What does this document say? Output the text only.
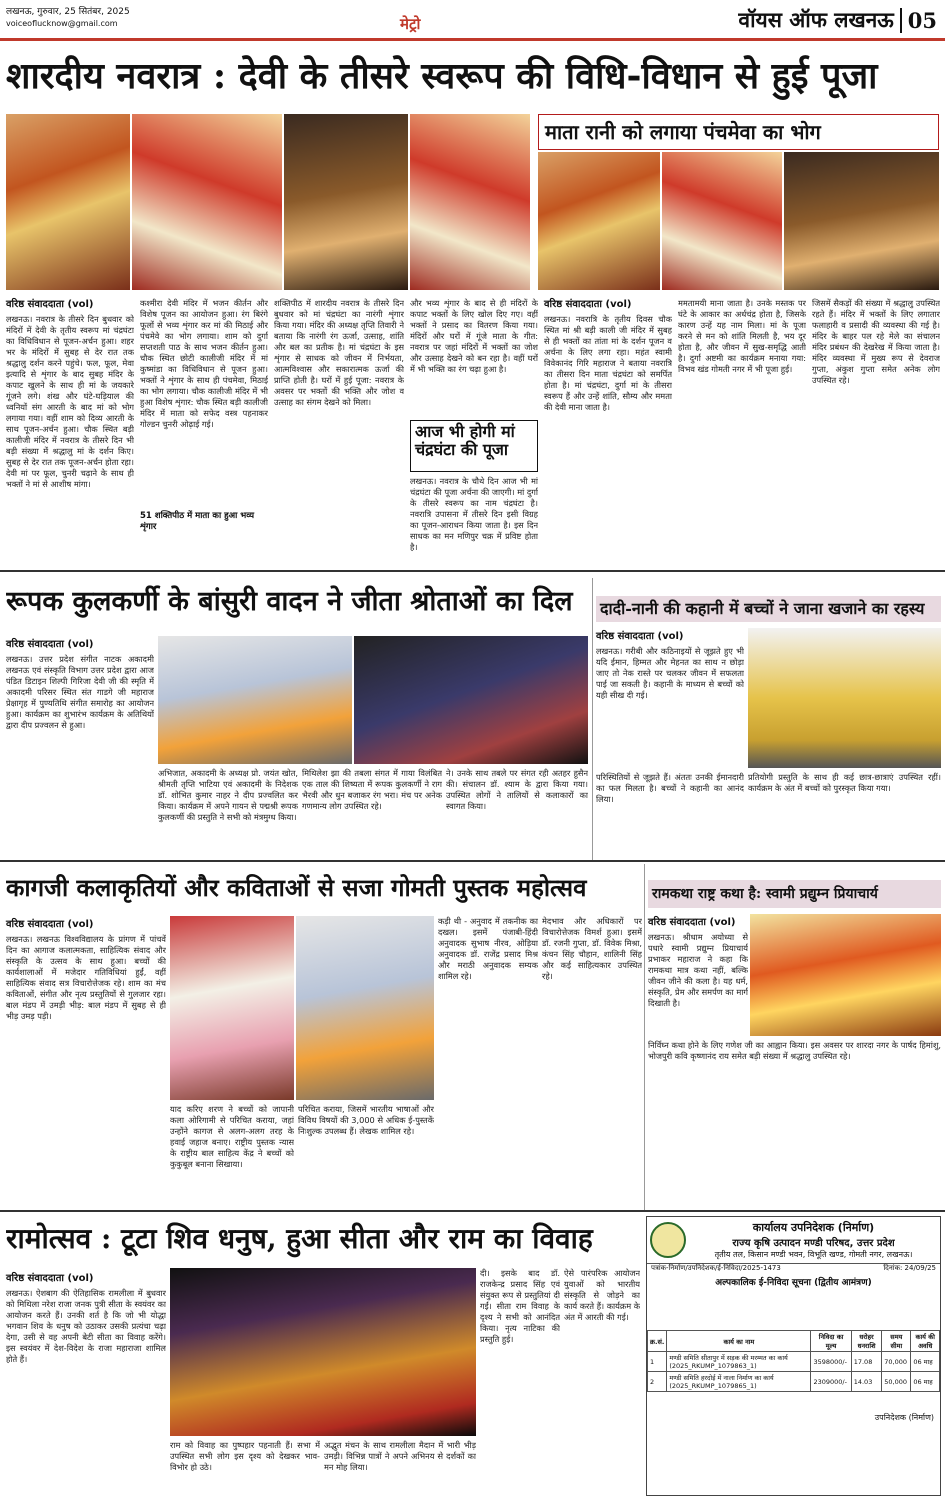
लखनऊ, गुरुवार, 25 सितंबर, 2025
voiceoflucknow@gmail.com	मेट्रो	वॉयस ऑफ लखनऊ 05
शारदीय नवरात्र : देवी के तीसरे स्वरूप की विधि-विधान से हुई पूजा
माता रानी को लगाया पंचमेवा का भोग
वरिष्ठ संवाददाता (vol)	वरिष्ठ संवाददाता (vol)
लखनऊ। नवरात्र के तीसरे दिन बुधवार को मंदिरों में देवी के तृतीय स्वरूप मां चंद्रघंटा का विधिविधान से पूजन-अर्चन हुआ। शहर भर के मंदिरों में सुबह से देर रात तक श्रद्धालु दर्शन करने पहुंचे। फल, फूल, मेवा इत्यादि से शृंगार के बाद सुबह मंदिर के कपाट खुलने के साथ ही मां के जयकारे गूंजने लगे। शंख और घंटे-घड़ियाल की ध्वनियों संग आरती के बाद मां को भोग लगाया गया। वहीं शाम को दिव्य आरती के साथ पूजन-अर्चन हुआ। चौक स्थित बड़ी कालीजी मंदिर में नवरात्र के तीसरे दिन भी बड़ी संख्या में श्रद्धालु मां के दर्शन किए। सुबह से देर रात तक पूजन-अर्चन होता रहा। देवी मां पर फूल, चुनरी चढ़ाने के साथ ही भक्तों ने मां से आशीष मांगा।
कश्मीरा देवी मंदिर में भजन कीर्तन और विशेष पूजन का आयोजन हुआ। रंग बिरंगे फूलों से भव्य शृंगार कर मां की मिठाई और पंचमेवे का भोग लगाया। शाम को दुर्गा सप्तशती पाठ के साथ भजन कीर्तन हुआ। चौक स्थित छोटी कालीजी मंदिर में मां कुष्मांडा का विधिविधान से पूजन हुआ। भक्तों ने शृंगार के साथ ही पंचमेवा, मिठाई का भोग लगाया। चौक कालीजी मंदिर में भी हुआ विशेष शृंगार: चौक स्थित बड़ी कालीजी मंदिर में माता को सफेद वस्त्र पहनाकर गोल्डन चुनरी ओढ़ाई गई।
51 शक्तिपीठ में माता का हुआ भव्य शृंगार
शक्तिपीठ में शारदीय नवरात्र के तीसरे दिन बुधवार को मां चंद्रघंटा का नारंगी शृंगार किया गया। मंदिर की अध्यक्ष तृप्ति तिवारी ने बताया कि नारंगी रंग ऊर्जा, उत्साह, शांति और बल का प्रतीक है। मां चंद्रघंटा के इस शृंगार से साधक को जीवन में निर्भयता, आत्मविश्वास और सकारात्मक ऊर्जा की प्राप्ति होती है। घरों में हुई पूजा: नवरात्र के अवसर पर भक्तों की भक्ति और जोश व उत्साह का संगम देखने को मिला।
और भव्य शृंगार के बाद से ही मंदिरों के कपाट भक्तों के लिए खोल दिए गए। वहीं भक्तों ने प्रसाद का वितरण किया गया। मंदिरों और घरों में गूंजे माता के गीत: नवरात्र पर जहां मंदिरों में भक्तों का जोश और उत्साह देखने को बन रहा है। वहीं घरों में भी भक्ति का रंग चढ़ा हुआ है।
आज भी होगी मां चंद्रघंटा की पूजा
लखनऊ। नवरात्र के चौथे दिन आज भी मां चंद्रघंटा की पूजा अर्चना की जाएगी। मां दुर्गा के तीसरे स्वरूप का नाम चंद्रघंटा है। नवरात्रि उपासना में तीसरे दिन इसी विग्रह का पूजन-आराधन किया जाता है। इस दिन साधक का मन मणिपुर चक्र में प्रविष्ट होता है।
लखनऊ। नवरात्रि के तृतीय दिवस चौक स्थित मां श्री बड़ी काली जी मंदिर में सुबह से ही भक्तों का तांता मां के दर्शन पूजन व अर्चना के लिए लगा रहा। महंत स्वामी विवेकानंद गिरि महाराज ने बताया नवरात्रि का तीसरा दिन माता चंद्रघंटा को समर्पित होता है। मां चंद्रघंटा, दुर्गा मां के तीसरा स्वरूप हैं और उन्हें शांति, सौम्य और ममता की देवी माना जाता है।
ममतामयी माना जाता है। उनके मस्तक पर घंटे के आकार का अर्धचंद्र होता है, जिसके कारण उन्हें यह नाम मिला। मां के पूजा करने से मन को शांति मिलती है, भय दूर होता है, और जीवन में सुख-समृद्धि आती है। दुर्गा अष्टमी का कार्यक्रम मनाया गया: विभव खंड गोमती नगर में भी पूजा हुई।
जिसमें सैकड़ों की संख्या में श्रद्धालु उपस्थित रहते हैं। मंदिर में भक्तों के लिए लगातार फलाहारी व प्रसादी की व्यवस्था की गई है। मंदिर के बाहर पल रहे मेले का संचालन मंदिर प्रबंधन की देखरेख में किया जाता है। मंदिर व्यवस्था में मुख्य रूप से देवराज गुप्ता, अंकुश गुप्ता समेत अनेक लोग उपस्थित रहे।
रूपक कुलकर्णी के बांसुरी वादन ने जीता श्रोताओं का दिल
वरिष्ठ संवाददाता (vol)
लखनऊ। उत्तर प्रदेश संगीत नाटक अकादमी लखनऊ एवं संस्कृति विभाग उत्तर प्रदेश द्वारा आज पंडित डिटाइन शिल्पी गिरिजा देवी जी की स्मृति में अकादमी परिसर स्थित संत गाडगे जी महाराज प्रेक्षागृह में पुण्यतिथि संगीत समारोह का आयोजन हुआ। कार्यक्रम का शुभारंभ कार्यक्रम के अतिथियों द्वारा दीप प्रज्वलन से हुआ।
अभिजात, अकादमी के अध्यक्ष प्रो. जयंत खोत, श्रीमती तृप्ति भाटिया एवं अकादमी के निदेशक डॉ. शोभित कुमार नाहर ने दीप प्रज्वलित कर किया। कार्यक्रम में अपने गायन से पद्मश्री रूपक कुलकर्णी की प्रस्तुति ने सभी को मंत्रमुग्ध किया।
मिथिलेश झा की तबला संगत में गाया विलंबित एक ताल की शिष्यता में रूपक कुलकर्णी ने राग भैरवी और धुन बजाकर रंग भरा। मंच पर अनेक गणमान्य लोग उपस्थित रहे।
ने। उनके साथ तबले पर संगत रही अतहर हुसैन की। संचालन डॉ. श्याम के द्वारा किया गया। उपस्थित लोगों ने तालियों से कलाकारों का स्वागत किया।
दादी-नानी की कहानी में बच्चों ने जाना खजाने का रहस्य
वरिष्ठ संवाददाता (vol)
लखनऊ। गरीबी और कठिनाइयों से जूझते हुए भी यदि ईमान, हिम्मत और मेहनत का साथ न छोड़ा जाए तो नेक रास्ते पर चलकर जीवन में सफलता पाई जा सकती है। कहानी के माध्यम से बच्चों को यही सीख दी गई।
परिस्थितियों से जूझते हैं। अंततः उनकी ईमानदारी का फल मिलता है। बच्चों ने कहानी का आनंद लिया।
प्रतियोगी प्रस्तुति के साथ ही कई छात्र-छात्राएं उपस्थित रहीं। कार्यक्रम के अंत में बच्चों को पुरस्कृत किया गया।
कागजी कलाकृतियों और कविताओं से सजा गोमती पुस्तक महोत्सव
वरिष्ठ संवाददाता (vol)
लखनऊ। लखनऊ विश्वविद्यालय के प्रांगण में पांचवें दिन का आगाज कलात्मकता, साहित्यिक संवाद और संस्कृति के उत्सव के साथ हुआ। बच्चों की कार्यशालाओं में मजेदार गतिविधियां हुईं, वहीं साहित्यिक संवाद सत्र विचारोत्तेजक रहे। शाम का मंच कविताओं, संगीत और नृत्य प्रस्तुतियों से गुलजार रहा। बाल मंडप में उमड़ी भीड़: बाल मंडप में सुबह से ही भीड़ उमड़ पड़ी।
याद करिए शरण ने बच्चों को जापानी कला ओरिगामी से परिचित कराया, जहां उन्होंने कागज से अलग-अलग तरह के हवाई जहाज बनाए। राष्ट्रीय पुस्तक न्यास के राष्ट्रीय बाल साहित्य केंद्र ने बच्चों को कुकुबूल बनाना सिखाया।
परिचित कराया, जिसमें भारतीय भाषाओं और विविध विषयों की 3,000 से अधिक ई-पुस्तकें निःशुल्क उपलब्ध हैं। लेखक शामिल रहे।
कड़ी थी - अनुवाद में तकनीक का दखल। इसमें पंजाबी-हिंदी अनुवादक सुभाष नीरव, ओड़िया अनुवादक डॉ. राजेंद्र प्रसाद मिश्र और मराठी अनुवादक सम्यक शामिल रहे।
मेदभाव और अधिकारों पर विचारोत्तेजक विमर्श हुआ। इसमें डॉ. रजनी गुप्ता, डॉ. विवेक मिश्रा, कंचन सिंह चौहान, शालिनी सिंह और कई साहित्यकार उपस्थित रहे।
रामकथा राष्ट्र कथा है: स्वामी प्रद्युम्न प्रियाचार्य
वरिष्ठ संवाददाता (vol)
लखनऊ। श्रीधाम अयोध्या से पधारे स्वामी प्रद्युम्न प्रियाचार्य प्रभाकर महाराज ने कहा कि रामकथा मात्र कथा नहीं, बल्कि जीवन जीने की कला है। यह धर्म, संस्कृति, प्रेम और समर्पण का मार्ग दिखाती है।
निर्विघ्न कथा होने के लिए गणेश जी का आह्वान किया। इस अवसर पर शारदा नगर के पार्षद हिमांशु, भोजपुरी कवि कृष्णानंद राय समेत बड़ी संख्या में श्रद्धालु उपस्थित रहे।
रामोत्सव : टूटा शिव धनुष, हुआ सीता और राम का विवाह
वरिष्ठ संवाददाता (vol)
लखनऊ। ऐशबाग की ऐतिहासिक रामलीला में बुधवार को मिथिला नरेश राजा जनक पुत्री सीता के स्वयंवर का आयोजन करते हैं। उनकी शर्त है कि जो भी योद्धा भगवान शिव के धनुष को उठाकर उसकी प्रत्यंचा चढ़ा देगा, उसी से वह अपनी बेटी सीता का विवाह करेंगे। इस स्वयंवर में देश-विदेश के राजा महाराजा शामिल होते हैं।
राम को विवाह का पुष्पहार पहनाती हैं। सभा में उपस्थित सभी लोग इस दृश्य को देखकर भाव-विभोर हो उठे।
अद्भुत मंचन के साथ रामलीला मैदान में भारी भीड़ उमड़ी। विभिन्न पात्रों ने अपने अभिनय से दर्शकों का मन मोह लिया।
दी। इसके बाद डॉ. राजकेन्द्र प्रसाद सिंह एवं संयुक्त रूप से प्रस्तुतियां दी गईं। सीता राम विवाह के दृश्य ने सभी को आनंदित किया। नृत्य नाटिका की प्रस्तुति हुई।
ऐसे पारंपरिक आयोजन युवाओं को भारतीय संस्कृति से जोड़ने का कार्य करते हैं। कार्यक्रम के अंत में आरती की गई।
कार्यालय उपनिदेशक (निर्माण)
राज्य कृषि उत्पादन मण्डी परिषद, उत्तर प्रदेश
तृतीय तल, किसान मण्डी भवन, विभूति खण्ड, गोमती नगर, लखनऊ।
पत्रांक-निर्माण/उपनिदेशक/ई-निविदा/2025-1473	दिनांक: 24/09/25
अल्पकालिक ई-निविदा सूचना (द्वितीय आमंत्रण)
क्र.सं.	कार्य का नाम	निविदा का मूल्य	धरोहर धनराशि	समय सीमा	कार्य की अवधि
1	मण्डी समिति सीतापुर में सड़क की मरम्मत का कार्य (2025_RKUMP_1079863_1)	3598000/-	17.08	70,000	06 माह
2	मण्डी समिति हरदोई में नाला निर्माण का कार्य (2025_RKUMP_1079865_1)	2309000/-	14.03	50,000	06 माह
उपनिदेशक (निर्माण)
